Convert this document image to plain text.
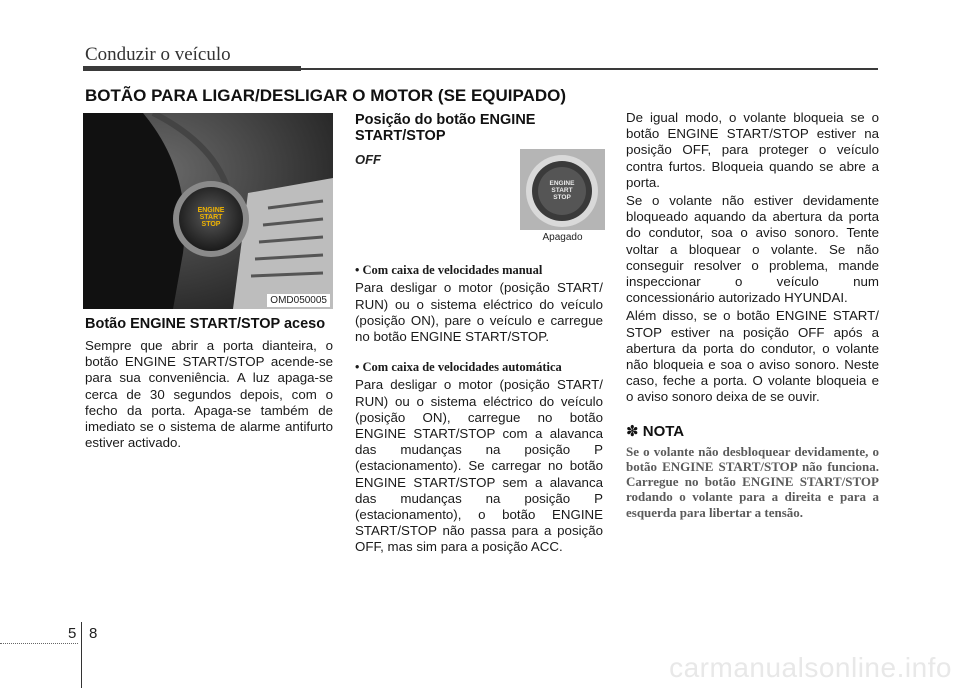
Conduzir o veículo
BOTÃO PARA LIGAR/DESLIGAR O MOTOR (SE EQUIPADO)
ENGINE
START
STOP
OMD050005
Botão ENGINE START/STOP aceso

Sempre que abrir a porta dianteira, o botão ENGINE START/STOP acende-se para sua conveniência. A luz apaga-se cerca de 30 segundos depois, com o fecho da porta. Apaga-se também de imediato se o sistema de alarme antifurto estiver activado.

Posição do botão ENGINE START/STOP
OFF
• Com caixa de velocidades manual

Para desligar o motor (posição START/ RUN) ou o sistema eléctrico do veículo (posição ON), pare o veículo e carregue no botão ENGINE START/STOP.

• Com caixa de velocidades automática

Para desligar o motor (posição START/ RUN) ou o sistema eléctrico do veículo (posição ON), carregue no botão ENGINE START/STOP com a alavanca das mudanças na posição P (estacionamento). Se carregar no botão ENGINE START/STOP sem a alavanca das mudanças na posição P (estacionamento), o botão ENGINE START/STOP não passa para a posição OFF, mas sim para a posição ACC.

ENGINE
START
STOP
Apagado

De igual modo, o volante bloqueia se o botão ENGINE START/STOP estiver na posição OFF, para proteger o veículo contra furtos. Bloqueia quando se abre a porta.

Se o volante não estiver devidamente bloqueado aquando da abertura da porta do condutor, soa o aviso sonoro. Tente voltar a bloquear o volante. Se não conseguir resolver o problema, mande inspeccionar o veículo num concessionário autorizado HYUNDAI.

Além disso, se o botão ENGINE START/ STOP estiver na posição OFF após a abertura da porta do condutor, o volante não bloqueia e soa o aviso sonoro. Neste caso, feche a porta. O volante bloqueia e o aviso sonoro deixa de se ouvir.

✽ NOTA
Se o volante não desbloquear devidamente, o botão ENGINE START/STOP não funciona. Carregue no botão ENGINE START/STOP rodando o volante para a direita e para a esquerda para libertar a tensão.
5 8
carmanualsonline.info
